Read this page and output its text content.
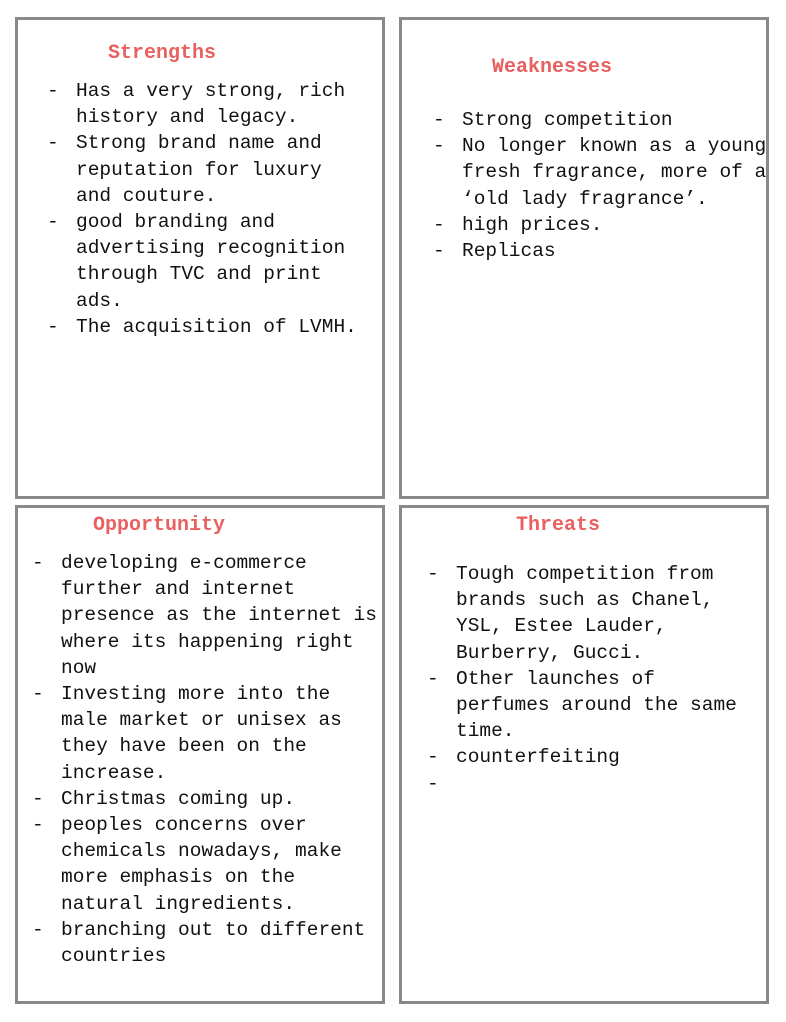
Strengths
- Has a very strong, rich history and legacy.
- Strong brand name and reputation for luxury and couture.
- good branding and advertising recognition through TVC and print ads.
- The acquisition of LVMH.
Weaknesses
- Strong competition
- No longer known as a young fresh fragrance, more of a ‘old lady fragrance’.
- high prices.
- Replicas
Opportunity
- developing e-commerce further and internet presence as the internet is where its happening right now
- Investing more into the male market or unisex as they have been on the increase.
- Christmas coming up.
- peoples concerns over chemicals nowadays, make more emphasis on the natural ingredients.
- branching out to different countries
Threats
- Tough competition from brands such as Chanel, YSL, Estee Lauder, Burberry, Gucci.
- Other launches of perfumes around the same time.
- counterfeiting
-
